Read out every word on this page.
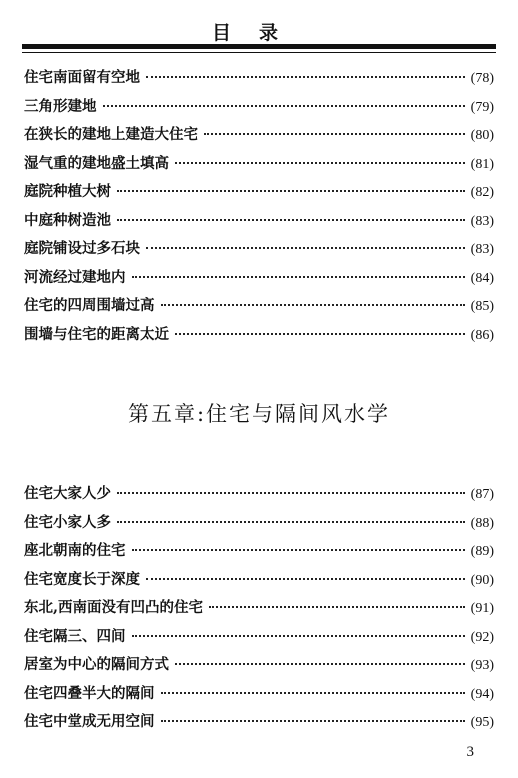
目录
住宅南面留有空地	(78)
三角形建地	(79)
在狭长的建地上建造大住宅	(80)
湿气重的建地盛土填高	(81)
庭院种植大树	(82)
中庭种树造池	(83)
庭院铺设过多石块	(83)
河流经过建地内	(84)
住宅的四周围墙过高	(85)
围墙与住宅的距离太近	(86)
第五章:住宅与隔间风水学
住宅大家人少	(87)
住宅小家人多	(88)
座北朝南的住宅	(89)
住宅宽度长于深度	(90)
东北,西南面没有凹凸的住宅	(91)
住宅隔三、四间	(92)
居室为中心的隔间方式	(93)
住宅四叠半大的隔间	(94)
住宅中堂成无用空间	(95)
3
